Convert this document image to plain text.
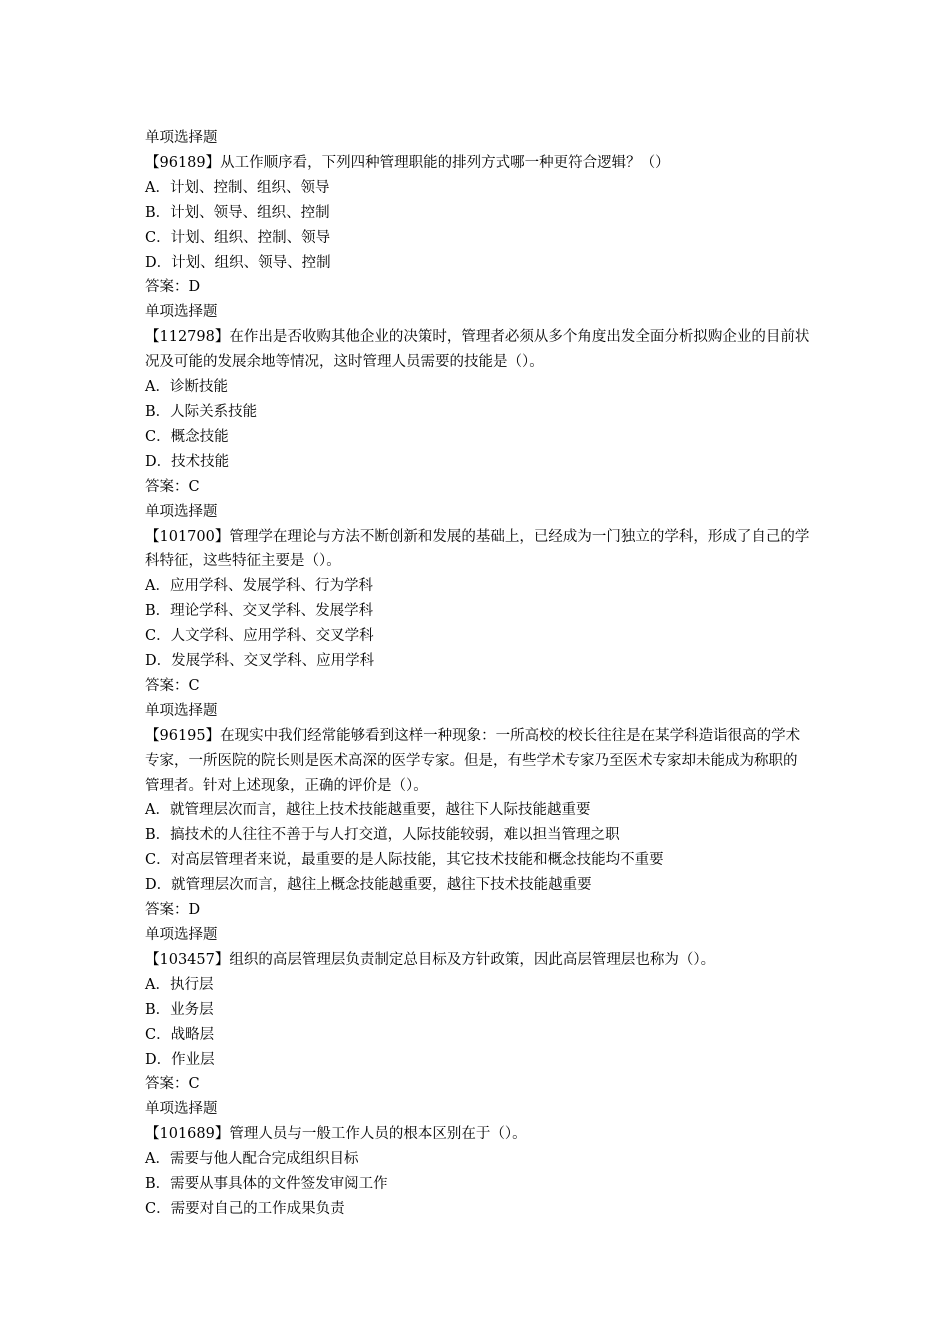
单项选择题
【96189】从工作顺序看，下列四种管理职能的排列方式哪一种更符合逻辑？（）
A．计划、控制、组织、领导
B．计划、领导、组织、控制
C．计划、组织、控制、领导
D．计划、组织、领导、控制
答案：D
单项选择题
【112798】在作出是否收购其他企业的决策时，管理者必须从多个角度出发全面分析拟购企业的目前状况及可能的发展余地等情况，这时管理人员需要的技能是（）。
A．诊断技能
B．人际关系技能
C．概念技能
D．技术技能
答案：C
单项选择题
【101700】管理学在理论与方法不断创新和发展的基础上，已经成为一门独立的学科，形成了自己的学科特征，这些特征主要是（）。
A．应用学科、发展学科、行为学科
B．理论学科、交叉学科、发展学科
C．人文学科、应用学科、交叉学科
D．发展学科、交叉学科、应用学科
答案：C
单项选择题
【96195】在现实中我们经常能够看到这样一种现象：一所高校的校长往往是在某学科造诣很高的学术专家，一所医院的院长则是医术高深的医学专家。但是，有些学术专家乃至医术专家却未能成为称职的管理者。针对上述现象，正确的评价是（）。
A．就管理层次而言，越往上技术技能越重要，越往下人际技能越重要
B．搞技术的人往往不善于与人打交道，人际技能较弱，难以担当管理之职
C．对高层管理者来说，最重要的是人际技能，其它技术技能和概念技能均不重要
D．就管理层次而言，越往上概念技能越重要，越往下技术技能越重要
答案：D
单项选择题
【103457】组织的高层管理层负责制定总目标及方针政策，因此高层管理层也称为（）。
A．执行层
B．业务层
C．战略层
D．作业层
答案：C
单项选择题
【101689】管理人员与一般工作人员的根本区别在于（）。
A．需要与他人配合完成组织目标
B．需要从事具体的文件签发审阅工作
C．需要对自己的工作成果负责
